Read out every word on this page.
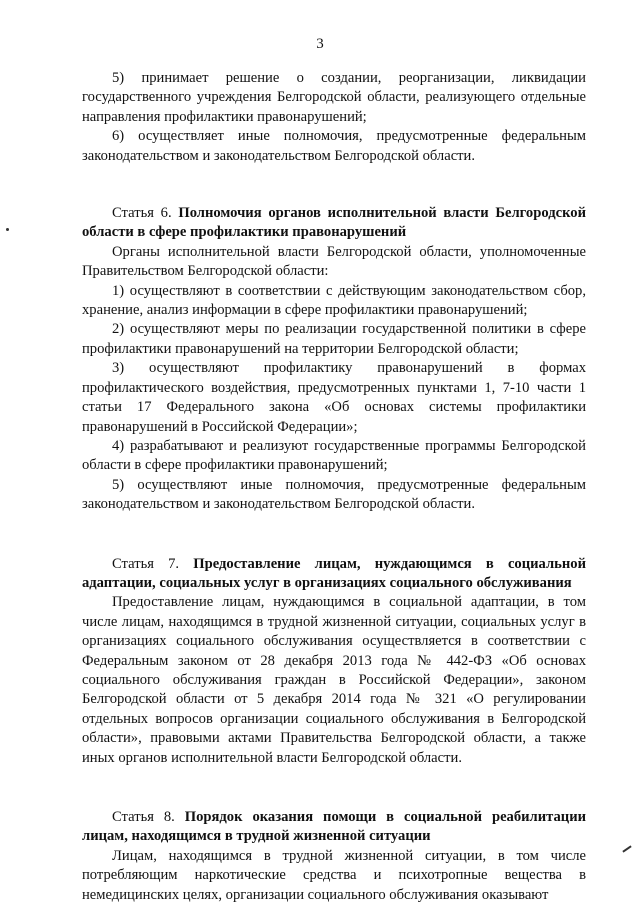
3

5) принимает решение о создании, реорганизации, ликвидации государственного учреждения Белгородской области, реализующего отдельные направления профилактики правонарушений;

6) осуществляет иные полномочия, предусмотренные федеральным законодательством и законодательством Белгородской области.

Статья 6. Полномочия органов исполнительной власти Белгородской области в сфере профилактики правонарушений

Органы исполнительной власти Белгородской области, уполномоченные Правительством Белгородской области:

1) осуществляют в соответствии с действующим законодательством сбор, хранение, анализ информации в сфере профилактики правонарушений;

2) осуществляют меры по реализации государственной политики в сфере профилактики правонарушений на территории Белгородской области;

3) осуществляют профилактику правонарушений в формах профилактического воздействия, предусмотренных пунктами 1, 7-10 части 1 статьи 17 Федерального закона «Об основах системы профилактики правонарушений в Российской Федерации»;

4) разрабатывают и реализуют государственные программы Белгородской области в сфере профилактики правонарушений;

5) осуществляют иные полномочия, предусмотренные федеральным законодательством и законодательством Белгородской области.

Статья 7. Предоставление лицам, нуждающимся в социальной адаптации, социальных услуг в организациях социального обслуживания

Предоставление лицам, нуждающимся в социальной адаптации, в том числе лицам, находящимся в трудной жизненной ситуации, социальных услуг в организациях социального обслуживания осуществляется в соответствии с Федеральным законом от 28 декабря 2013 года № 442-ФЗ «Об основах социального обслуживания граждан в Российской Федерации», законом Белгородской области от 5 декабря 2014 года № 321 «О регулировании отдельных вопросов организации социального обслуживания в Белгородской области», правовыми актами Правительства Белгородской области, а также иных органов исполнительной власти Белгородской области.

Статья 8. Порядок оказания помощи в социальной реабилитации лицам, находящимся в трудной жизненной ситуации

Лицам, находящимся в трудной жизненной ситуации, в том числе потребляющим наркотические средства и психотропные вещества в немедицинских целях, организации социального обслуживания оказывают
